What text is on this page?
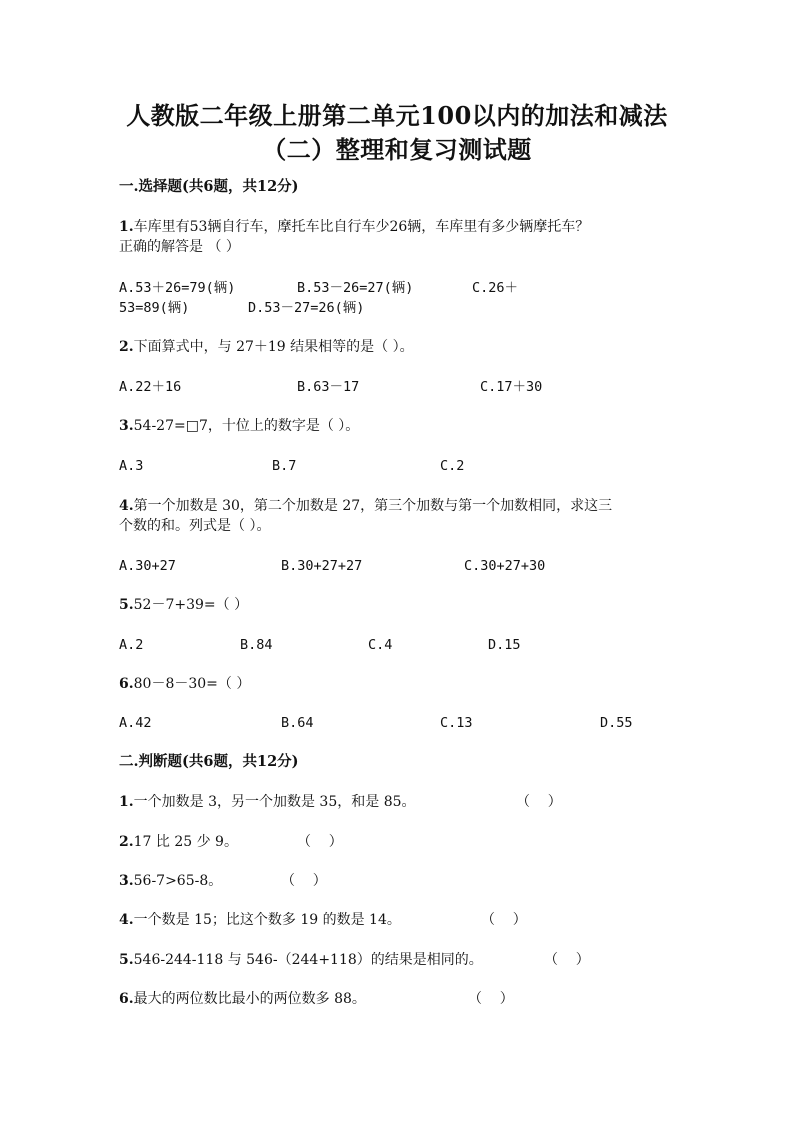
人教版二年级上册第二单元100以内的加法和减法
（二）整理和复习测试题
一.选择题(共6题，共12分)
1.车库里有53辆自行车，摩托车比自行车少26辆，车库里有多少辆摩托车？
正确的解答是 （ ）
A.53＋26=79(辆)	B.53－26=27(辆)	C.26＋
53=89(辆)	D.53－27=26(辆)
2.下面算式中，与 27＋19 结果相等的是（ ）。
A.22＋16	B.63－17	C.17＋30
3.54-27=□7，十位上的数字是（ ）。
A.3	B.7	C.2
4.第一个加数是 30，第二个加数是 27，第三个加数与第一个加数相同，求这三
个数的和。列式是（ ）。
A.30+27	B.30+27+27	C.30+27+30
5.52－7+39=（ ）
A.2	B.84	C.4	D.15
6.80－8－30=（ ）
A.42	B.64	C.13	D.55
二.判断题(共6题，共12分)
1.一个加数是 3，另一个加数是 35，和是 85。	（    ）
2.17 比 25 少 9。	（    ）
3.56-7>65-8。	（    ）
4.一个数是 15；比这个数多 19 的数是 14。	（    ）
5.546-244-118 与 546-（244+118）的结果是相同的。	（    ）
6.最大的两位数比最小的两位数多 88。	（    ）
